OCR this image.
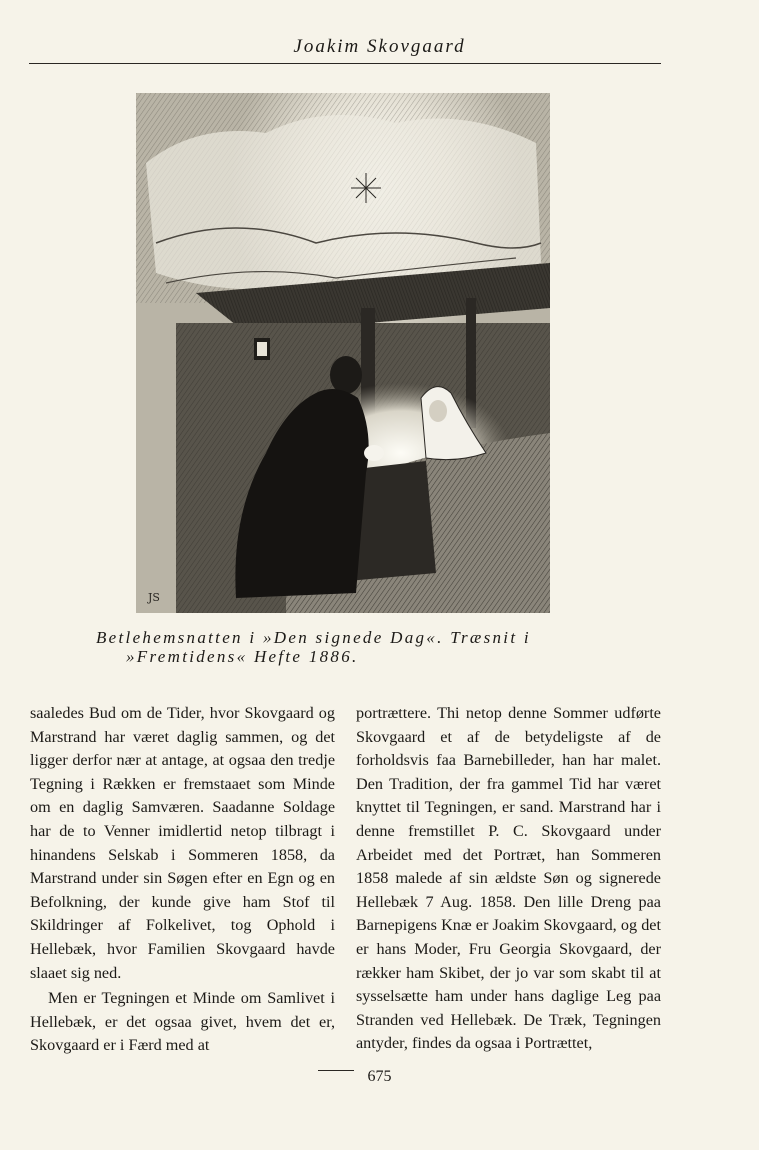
Joakim Skovgaard
JS
Betlehemsnatten i »Den signede Dag«. Træsnit i
»Fremtidens« Hefte 1886.

saaledes Bud om de Tider, hvor Skovgaard og Marstrand har været daglig sammen, og det ligger derfor nær at antage, at ogsaa den tredje Tegning i Rækken er fremstaaet som Minde om en daglig Samværen. Saadanne Soldage har de to Venner imidlertid netop tilbragt i hinandens Selskab i Sommeren 1858, da Marstrand under sin Søgen efter en Egn og en Befolkning, der kunde give ham Stof til Skildringer af Folkelivet, tog Ophold i Hellebæk, hvor Familien Skovgaard havde slaaet sig ned.

Men er Tegningen et Minde om Samlivet i Hellebæk, er det ogsaa givet, hvem det er, Skovgaard er i Færd med at

portrættere. Thi netop denne Sommer udførte Skovgaard et af de betydeligste af de forholdsvis faa Barnebilleder, han har malet. Den Tradition, der fra gammel Tid har været knyttet til Tegningen, er sand. Marstrand har i denne fremstillet P. C. Skovgaard under Arbeidet med det Portræt, han Sommeren 1858 malede af sin ældste Søn og signerede Hellebæk 7 Aug. 1858. Den lille Dreng paa Barnepigens Knæ er Joakim Skovgaard, og det er hans Moder, Fru Georgia Skovgaard, der rækker ham Skibet, der jo var som skabt til at sysselsætte ham under hans daglige Leg paa Stranden ved Hellebæk. De Træk, Tegningen antyder, findes da ogsaa i Portrættet,

675
